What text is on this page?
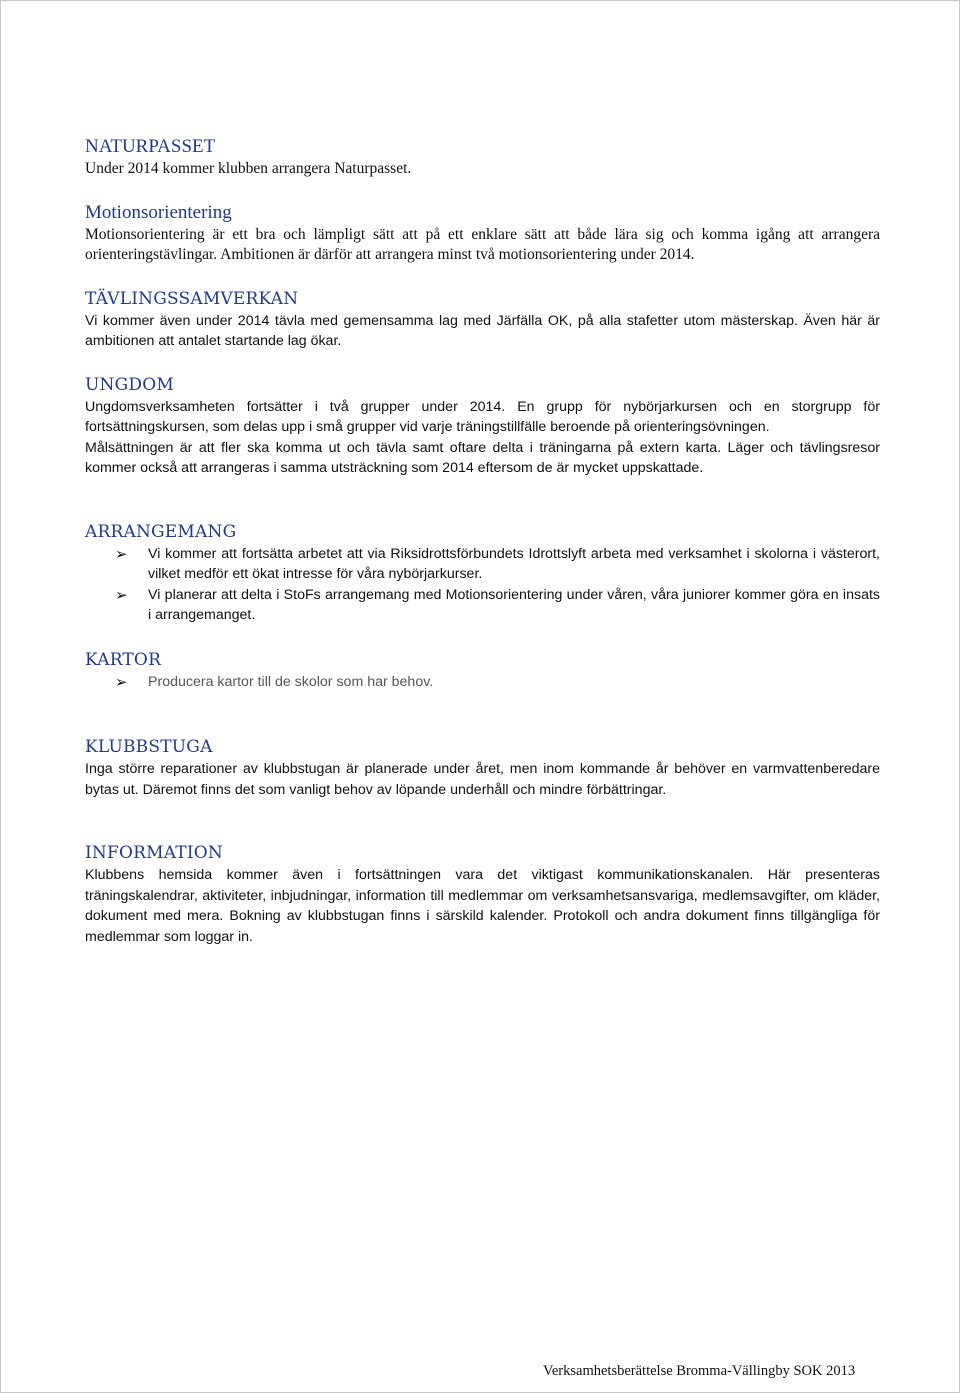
NATURPASSET

Under 2014 kommer klubben arrangera Naturpasset.

Motionsorientering

Motionsorientering är ett bra och lämpligt sätt att på ett enklare sätt att både lära sig och komma igång att arrangera orienteringstävlingar. Ambitionen är därför att arrangera minst två motionsorientering under 2014.

TÄVLINGSSAMVERKAN

Vi kommer även under 2014 tävla med gemensamma lag med Järfälla OK, på alla stafetter utom mästerskap. Även här är ambitionen att antalet startande lag ökar.

UNGDOM

Ungdomsverksamheten fortsätter i två grupper under 2014. En grupp för nybörjarkursen och en storgrupp för fortsättningskursen, som delas upp i små grupper vid varje träningstillfälle beroende på orienteringsövningen.

Målsättningen är att fler ska komma ut och tävla samt oftare delta i träningarna på extern karta. Läger och tävlingsresor kommer också att arrangeras i samma utsträckning som 2014 eftersom de är mycket uppskattade.

ARRANGEMANG
➢ Vi kommer att fortsätta arbetet att via Riksidrottsförbundets Idrottslyft arbeta med verksamhet i skolorna i västerort, vilket medför ett ökat intresse för våra nybörjarkurser.
➢ Vi planerar att delta i StoFs arrangemang med Motionsorientering under våren, våra juniorer kommer göra en insats i arrangemanget.
KARTOR
➢ Producera kartor till de skolor som har behov.
KLUBBSTUGA

Inga större reparationer av klubbstugan är planerade under året, men inom kommande år behöver en varmvattenberedare bytas ut. Däremot finns det som vanligt behov av löpande underhåll och mindre förbättringar.

INFORMATION

Klubbens hemsida kommer även i fortsättningen vara det viktigast kommunikationskanalen. Här presenteras träningskalendrar, aktiviteter, inbjudningar, information till medlemmar om verksamhetsansvariga, medlemsavgifter, om kläder, dokument med mera. Bokning av klubbstugan finns i särskild kalender. Protokoll och andra dokument finns tillgängliga för medlemmar som loggar in.

Verksamhetsberättelse Bromma-Vällingby SOK 2013
